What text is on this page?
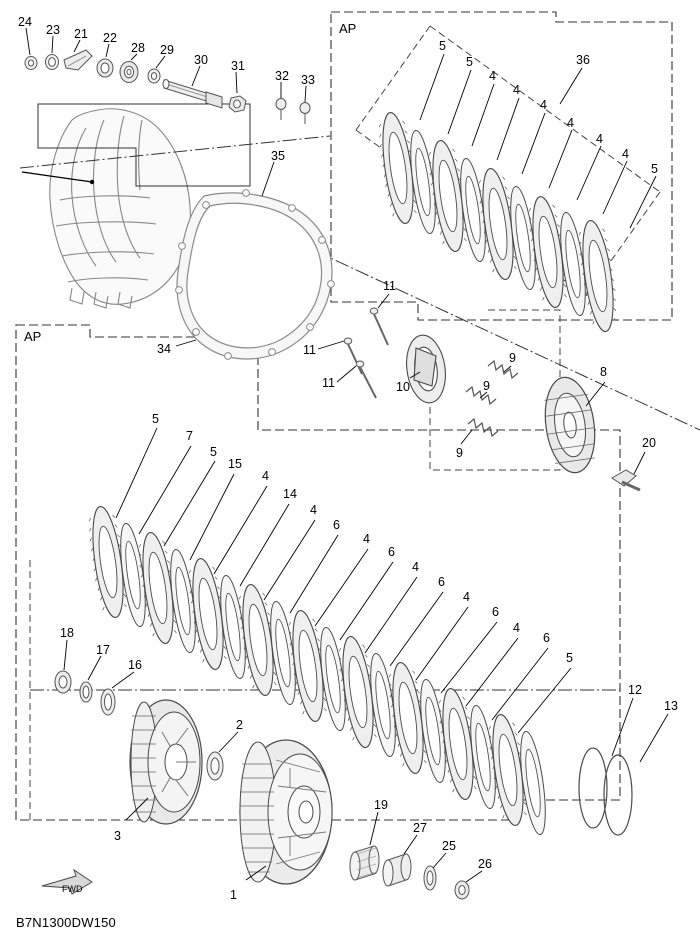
AP
AP
24
23 21 22
28 29
30 31
32 33
35
34
5
5
4
4
4
4
4
4
5
36
11
11
11	10
9
9
9
8
20
5
7
5
15
4
14
4
6
4
6
4
6
4
6
4
6
5
18
17
16
3
2
1
19
27
25
26
12
13
FWD
B7N1300DW150
